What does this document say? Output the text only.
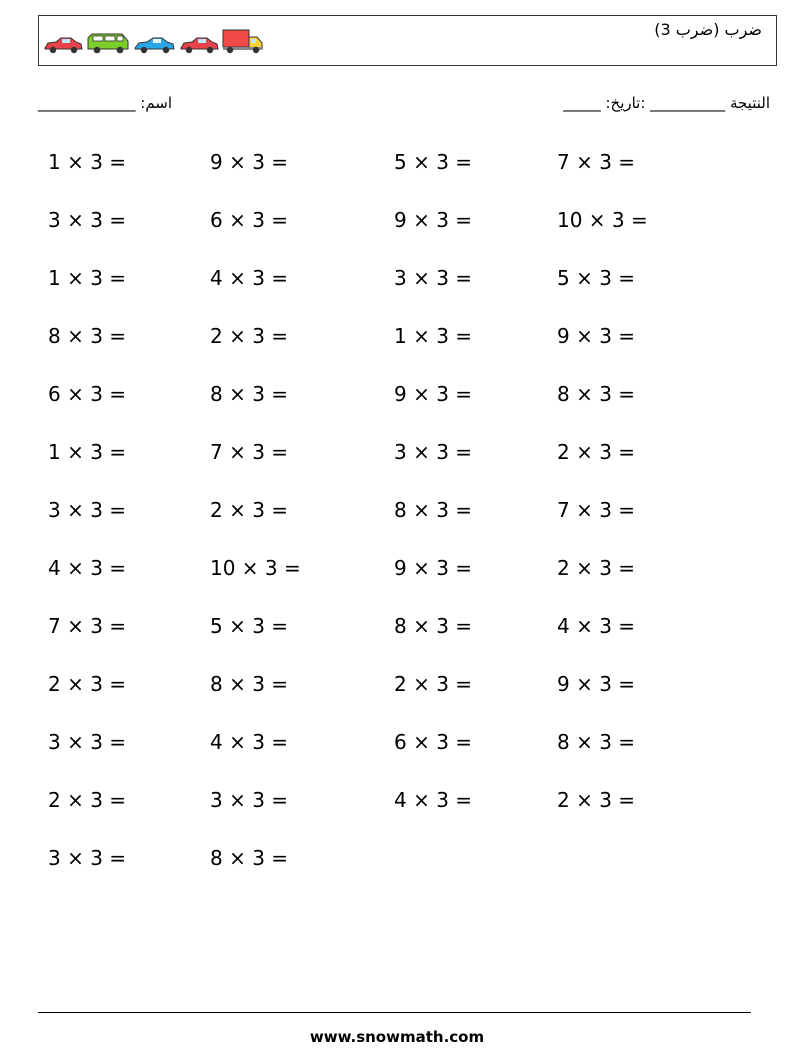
ضرب (ضرب 3)
اسم: _____________	النتيجة __________ :تاريخ: _____
1 × 3 =	9 × 3 =	5 × 3 =	7 × 3 =
3 × 3 =	6 × 3 =	9 × 3 =	10 × 3 =
1 × 3 =	4 × 3 =	3 × 3 =	5 × 3 =
8 × 3 =	2 × 3 =	1 × 3 =	9 × 3 =
6 × 3 =	8 × 3 =	9 × 3 =	8 × 3 =
1 × 3 =	7 × 3 =	3 × 3 =	2 × 3 =
3 × 3 =	2 × 3 =	8 × 3 =	7 × 3 =
4 × 3 =	10 × 3 =	9 × 3 =	2 × 3 =
7 × 3 =	5 × 3 =	8 × 3 =	4 × 3 =
2 × 3 =	8 × 3 =	2 × 3 =	9 × 3 =
3 × 3 =	4 × 3 =	6 × 3 =	8 × 3 =
2 × 3 =	3 × 3 =	4 × 3 =	2 × 3 =
3 × 3 =	8 × 3 =
www.snowmath.com
